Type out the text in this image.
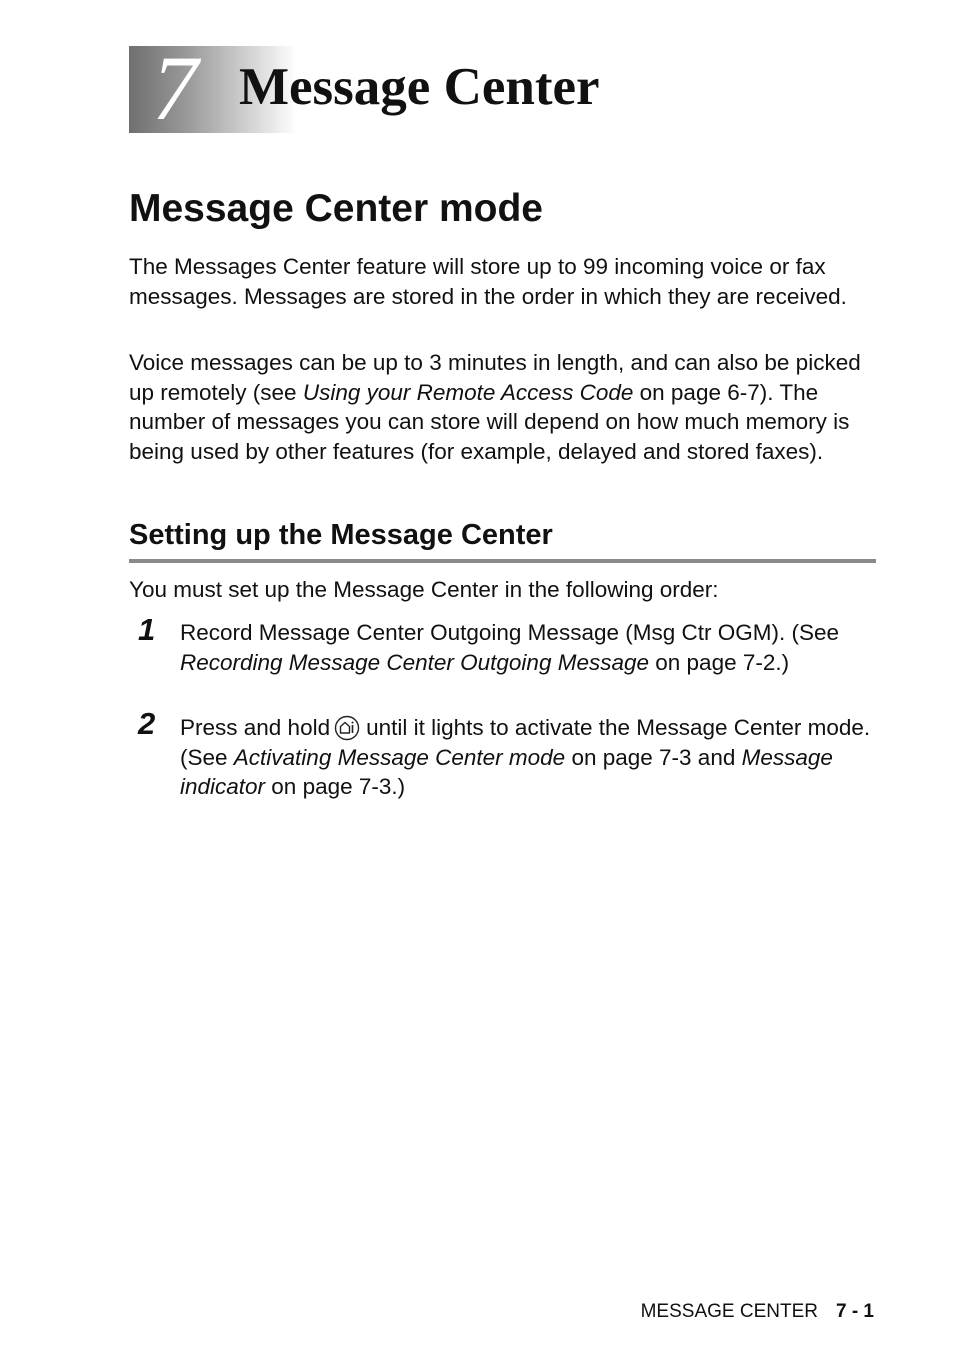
7 Message Center
Message Center mode
The Messages Center feature will store up to 99 incoming voice or fax messages. Messages are stored in the order in which they are received.
Voice messages can be up to 3 minutes in length, and can also be picked up remotely (see Using your Remote Access Code on page 6-7). The number of messages you can store will depend on how much memory is being used by other features (for example, delayed and stored faxes).
Setting up the Message Center
You must set up the Message Center in the following order:
1	Record Message Center Outgoing Message (Msg Ctr OGM). (See Recording Message Center Outgoing Message on page 7-2.)
2	Press and hold until it lights to activate the Message Center mode. (See Activating Message Center mode on page 7-3 and Message indicator on page 7-3.)
MESSAGE CENTER 7 - 1
